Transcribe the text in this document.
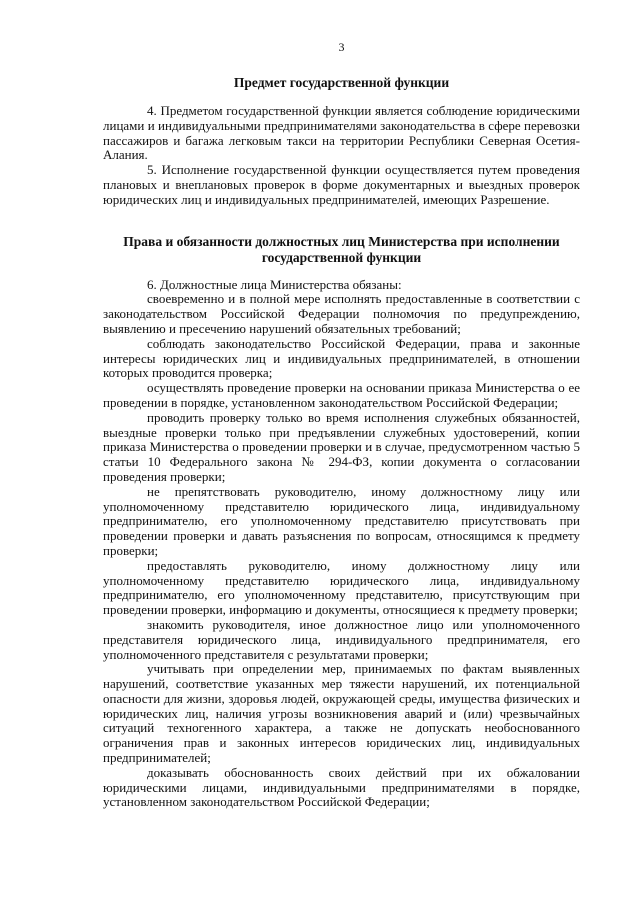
3
Предмет государственной функции

4. Предметом государственной функции является соблюдение юридическими лицами и индивидуальными предпринимателями законодательства в сфере перевозки пассажиров и багажа легковым такси на территории Республики Северная Осетия-Алания.

5. Исполнение государственной функции осуществляется путем проведения плановых и внеплановых проверок в форме документарных и выездных проверок юридических лиц и индивидуальных предпринимателей, имеющих Разрешение.

Права и обязанности должностных лиц Министерства при исполнении
государственной функции

6. Должностные лица Министерства обязаны:

своевременно и в полной мере исполнять предоставленные в соответствии с законодательством Российской Федерации полномочия по предупреждению, выявлению и пресечению нарушений обязательных требований;

соблюдать законодательство Российской Федерации, права и законные интересы юридических лиц и индивидуальных предпринимателей, в отношении которых проводится проверка;

осуществлять проведение проверки на основании приказа Министерства о ее проведении в порядке, установленном законодательством Российской Федерации;

проводить проверку только во время исполнения служебных обязанностей, выездные проверки только при предъявлении служебных удостоверений, копии приказа Министерства о проведении проверки и в случае, предусмотренном частью 5 статьи 10 Федерального закона № 294-ФЗ, копии документа о согласовании проведения проверки;

не препятствовать руководителю, иному должностному лицу или уполномоченному представителю юридического лица, индивидуальному предпринимателю, его уполномоченному представителю присутствовать при проведении проверки и давать разъяснения по вопросам, относящимся к предмету проверки;

предоставлять руководителю, иному должностному лицу или уполномоченному представителю юридического лица, индивидуальному предпринимателю, его уполномоченному представителю, присутствующим при проведении проверки, информацию и документы, относящиеся к предмету проверки;

знакомить руководителя, иное должностное лицо или уполномоченного представителя юридического лица, индивидуального предпринимателя, его уполномоченного представителя с результатами проверки;

учитывать при определении мер, принимаемых по фактам выявленных нарушений, соответствие указанных мер тяжести нарушений, их потенциальной опасности для жизни, здоровья людей, окружающей среды, имущества физических и юридических лиц, наличия угрозы возникновения аварий и (или) чрезвычайных ситуаций техногенного характера, а также не допускать необоснованного ограничения прав и законных интересов юридических лиц, индивидуальных предпринимателей;

доказывать обоснованность своих действий при их обжаловании юридическими лицами, индивидуальными предпринимателями в порядке, установленном законодательством Российской Федерации;
